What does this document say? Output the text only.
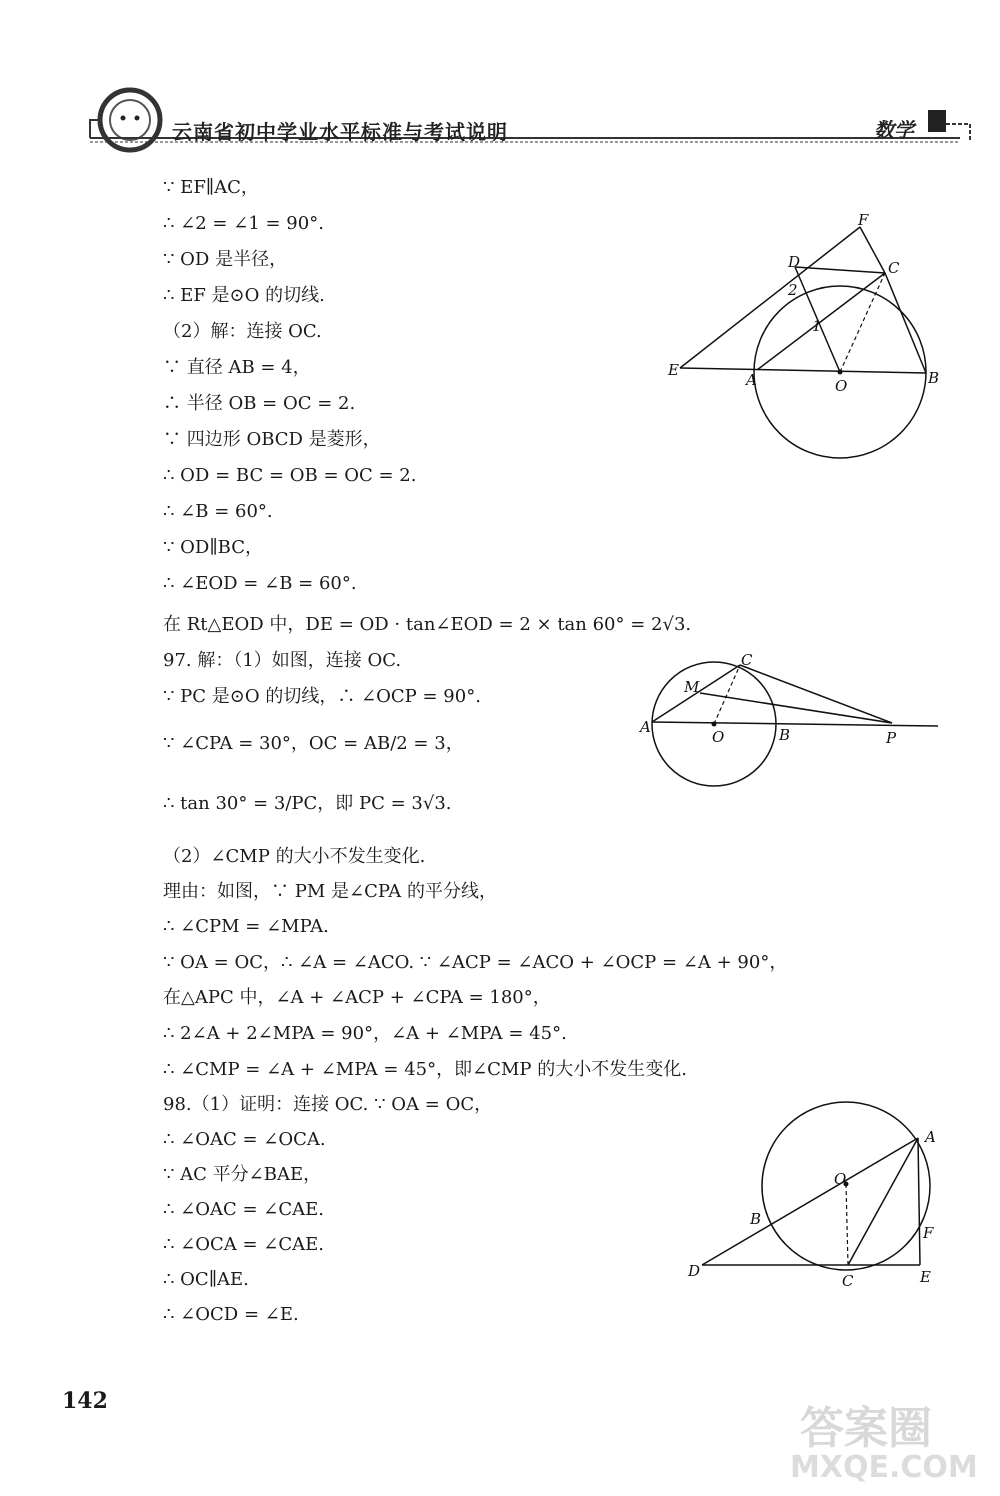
云南省初中学业水平标准与考试说明	数学
∵ EF∥AC，
∴ ∠2 = ∠1 = 90°.
∵ OD 是半径，
∴ EF 是⊙O 的切线.
（2）解：连接 OC.
∵ 直径 AB = 4，
∴ 半径 OB = OC = 2.
∵ 四边形 OBCD 是菱形，
∴ OD = BC = OB = OC = 2.
∴ ∠B = 60°.
∵ OD∥BC，
∴ ∠EOD = ∠B = 60°.
在 Rt△EOD 中，DE = OD · tan∠EOD = 2 × tan 60° = 2√3.
97. 解：（1）如图，连接 OC.
∵ PC 是⊙O 的切线，∴ ∠OCP = 90°.
∵ ∠CPA = 30°，OC = AB/2 = 3，
∴ tan 30° = 3/PC，即 PC = 3√3.
（2）∠CMP 的大小不发生变化.
理由：如图，∵ PM 是∠CPA 的平分线，
∴ ∠CPM = ∠MPA.
∵ OA = OC，∴ ∠A = ∠ACO. ∵ ∠ACP = ∠ACO + ∠OCP = ∠A + 90°，
在△APC 中，∠A + ∠ACP + ∠CPA = 180°，
∴ 2∠A + 2∠MPA = 90°，∠A + ∠MPA = 45°.
∴ ∠CMP = ∠A + ∠MPA = 45°，即∠CMP 的大小不发生变化.
98.（1）证明：连接 OC. ∵ OA = OC，
∴ ∠OAC = ∠OCA.
∵ AC 平分∠BAE，
∴ ∠OAC = ∠CAE.
∴ ∠OCA = ∠CAE.
∴ OC∥AE.
∴ ∠OCD = ∠E.
F
D	C
2
1
E
A	O	B
C
M
A
O	B	P
A
O
B
F
D
C	E
142
答案圈
MXQE.COM
